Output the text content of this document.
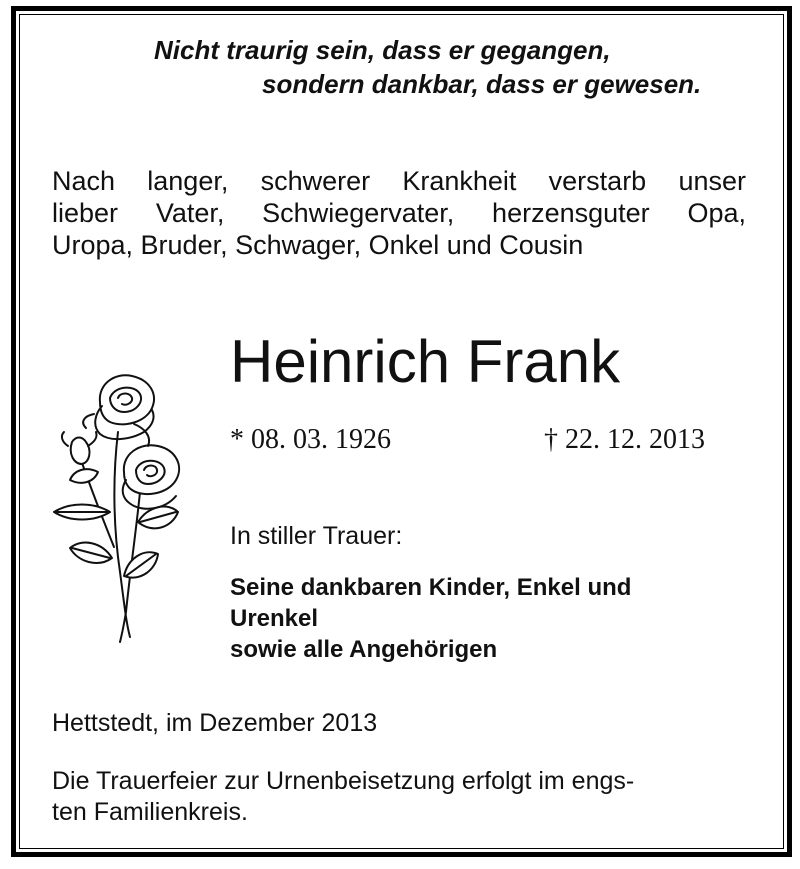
Nicht traurig sein, dass er gegangen,
sondern dankbar, dass er gewesen.
Nach langer, schwerer Krankheit verstarb unser
lieber Vater, Schwiegervater, herzensguter Opa,
Uropa, Bruder, Schwager, Onkel und Cousin
Heinrich Frank
* 08. 03. 1926	† 22. 12. 2013
In stiller Trauer:
Seine dankbaren Kinder, Enkel und
Urenkel
sowie alle Angehörigen
Hettstedt, im Dezember 2013
Die Trauerfeier zur Urnenbeisetzung erfolgt im engs-
ten Familienkreis.
